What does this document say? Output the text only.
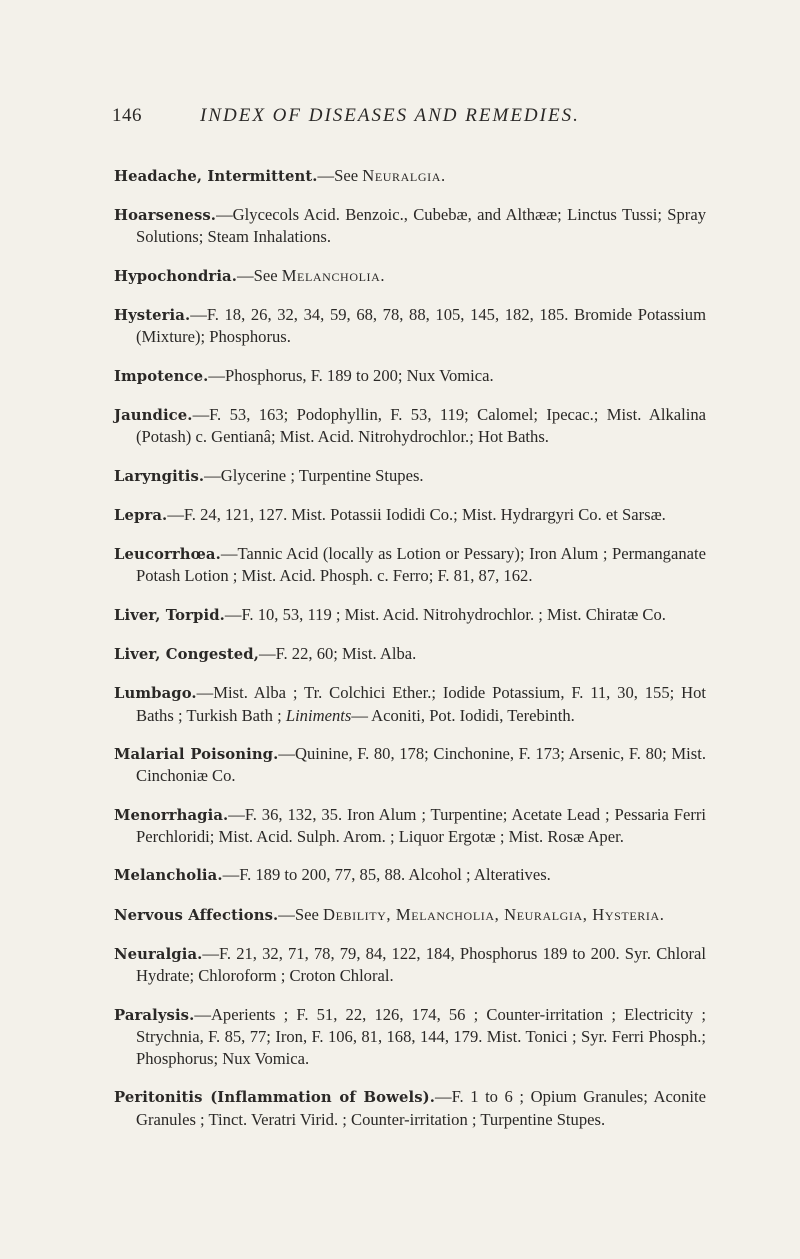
146	INDEX OF DISEASES AND REMEDIES.

Headache, Intermittent.—See Neuralgia.

Hoarseness.—Glycecols Acid. Benzoic., Cubebæ, and Althææ; Linctus Tussi; Spray Solutions; Steam Inhalations.

Hypochondria.—See Melancholia.

Hysteria.—F. 18, 26, 32, 34, 59, 68, 78, 88, 105, 145, 182, 185. Bromide Potassium (Mixture); Phosphorus.

Impotence.—Phosphorus, F. 189 to 200; Nux Vomica.

Jaundice.—F. 53, 163; Podophyllin, F. 53, 119; Calomel; Ipecac.; Mist. Alkalina (Potash) c. Gentianâ; Mist. Acid. Nitrohydrochlor.; Hot Baths.

Laryngitis.—Glycerine ; Turpentine Stupes.

Lepra.—F. 24, 121, 127. Mist. Potassii Iodidi Co.; Mist. Hydrargyri Co. et Sarsæ.

Leucorrhœa.—Tannic Acid (locally as Lotion or Pessary); Iron Alum ; Permanganate Potash Lotion ; Mist. Acid. Phosph. c. Ferro; F. 81, 87, 162.

Liver, Torpid.—F. 10, 53, 119 ; Mist. Acid. Nitrohydrochlor. ; Mist. Chiratæ Co.

Liver, Congested,—F. 22, 60; Mist. Alba.

Lumbago.—Mist. Alba ; Tr. Colchici Ether.; Iodide Potassium, F. 11, 30, 155; Hot Baths ; Turkish Bath ; Liniments— Aconiti, Pot. Iodidi, Terebinth.

Malarial Poisoning.—Quinine, F. 80, 178; Cinchonine, F. 173; Arsenic, F. 80; Mist. Cinchoniæ Co.

Menorrhagia.—F. 36, 132, 35. Iron Alum ; Turpentine; Acetate Lead ; Pessaria Ferri Perchloridi; Mist. Acid. Sulph. Arom. ; Liquor Ergotæ ; Mist. Rosæ Aper.

Melancholia.—F. 189 to 200, 77, 85, 88. Alcohol ; Alteratives.

Nervous Affections.—See Debility, Melancholia, Neuralgia, Hysteria.

Neuralgia.—F. 21, 32, 71, 78, 79, 84, 122, 184, Phosphorus 189 to 200. Syr. Chloral Hydrate; Chloroform ; Croton Chloral.

Paralysis.—Aperients ; F. 51, 22, 126, 174, 56 ; Counter-irritation ; Electricity ; Strychnia, F. 85, 77; Iron, F. 106, 81, 168, 144, 179. Mist. Tonici ; Syr. Ferri Phosph.; Phosphorus; Nux Vomica.

Peritonitis (Inflammation of Bowels).—F. 1 to 6 ; Opium Granules; Aconite Granules ; Tinct. Veratri Virid. ; Counter-irritation ; Turpentine Stupes.
